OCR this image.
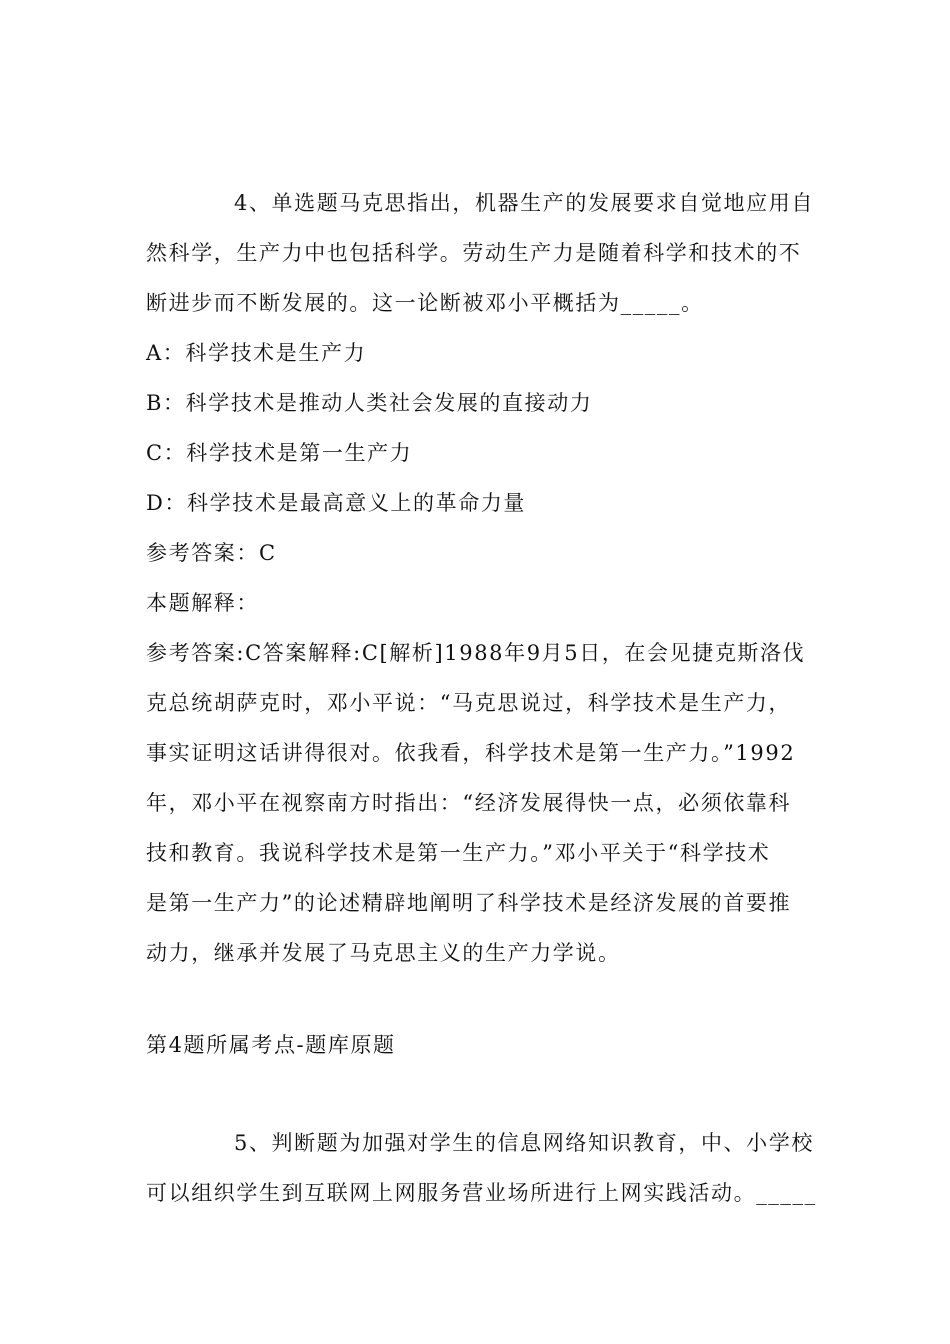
4、单选题马克思指出，机器生产的发展要求自觉地应用自
然科学，生产力中也包括科学。劳动生产力是随着科学和技术的不
断进步而不断发展的。这一论断被邓小平概括为_____。
A：科学技术是生产力
B：科学技术是推动人类社会发展的直接动力
C：科学技术是第一生产力
D：科学技术是最高意义上的革命力量
参考答案：C
本题解释：
参考答案:C答案解释:C[解析]1988年9月5日，在会见捷克斯洛伐
克总统胡萨克时，邓小平说：“马克思说过，科学技术是生产力，
事实证明这话讲得很对。依我看，科学技术是第一生产力。”1992
年，邓小平在视察南方时指出：“经济发展得快一点，必须依靠科
技和教育。我说科学技术是第一生产力。”邓小平关于“科学技术
是第一生产力”的论述精辟地阐明了科学技术是经济发展的首要推
动力，继承并发展了马克思主义的生产力学说。
第4题所属考点-题库原题
5、判断题为加强对学生的信息网络知识教育，中、小学校
可以组织学生到互联网上网服务营业场所进行上网实践活动。_____
